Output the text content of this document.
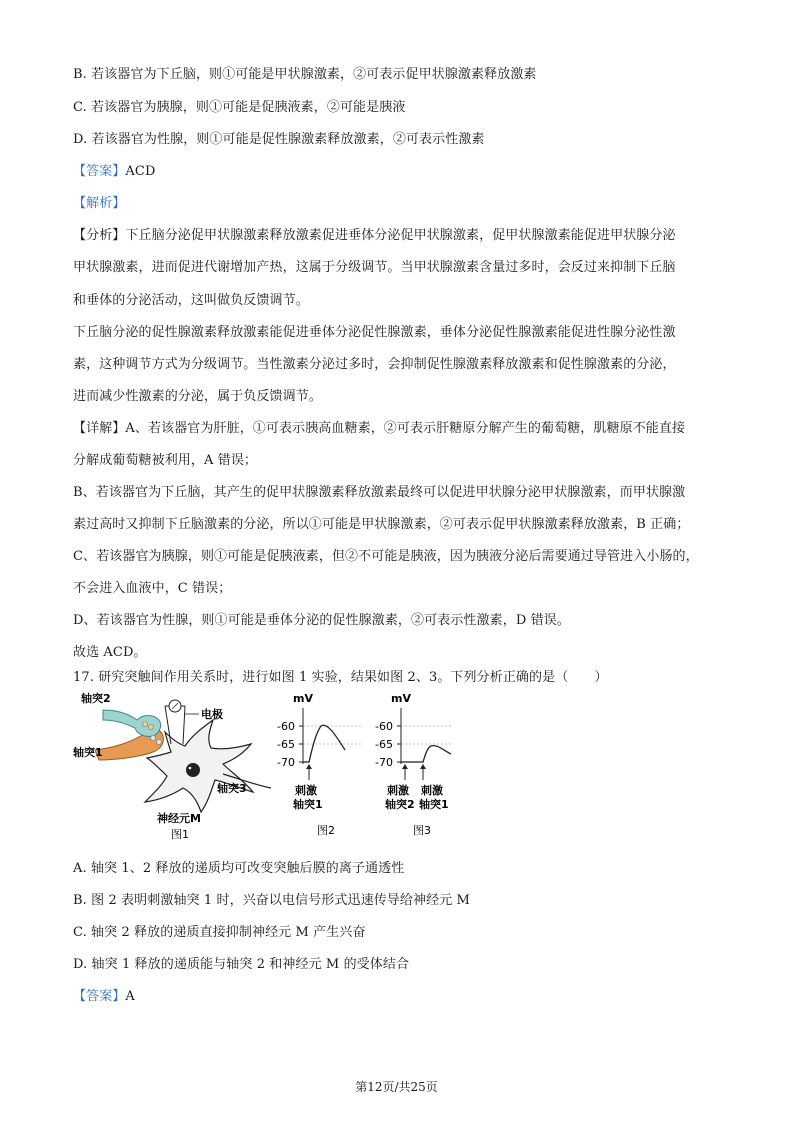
B. 若该器官为下丘脑，则①可能是甲状腺激素，②可表示促甲状腺激素释放激素
C. 若该器官为胰腺，则①可能是促胰液素，②可能是胰液
D. 若该器官为性腺，则①可能是促性腺激素释放激素，②可表示性激素
【答案】ACD
【解析】
【分析】下丘脑分泌促甲状腺激素释放激素促进垂体分泌促甲状腺激素，促甲状腺激素能促进甲状腺分泌
甲状腺激素，进而促进代谢增加产热，这属于分级调节。当甲状腺激素含量过多时，会反过来抑制下丘脑
和垂体的分泌活动，这叫做负反馈调节。
下丘脑分泌的促性腺激素释放激素能促进垂体分泌促性腺激素，垂体分泌促性腺激素能促进性腺分泌性激
素，这种调节方式为分级调节。当性激素分泌过多时，会抑制促性腺激素释放激素和促性腺激素的分泌，
进而减少性激素的分泌，属于负反馈调节。
【详解】A、若该器官为肝脏，①可表示胰高血糖素，②可表示肝糖原分解产生的葡萄糖，肌糖原不能直接
分解成葡萄糖被利用，A 错误；
B、若该器官为下丘脑，其产生的促甲状腺激素释放激素最终可以促进甲状腺分泌甲状腺激素，而甲状腺激
素过高时又抑制下丘脑激素的分泌，所以①可能是甲状腺激素，②可表示促甲状腺激素释放激素，B 正确；
C、若该器官为胰腺，则①可能是促胰液素，但②不可能是胰液，因为胰液分泌后需要通过导管进入小肠的，
不会进入血液中，C 错误；
D、若该器官为性腺，则①可能是垂体分泌的促性腺激素，②可表示性激素，D 错误。
故选 ACD。
17. 研究突触间作用关系时，进行如图 1 实验，结果如图 2、3。下列分析正确的是（　　）
轴突2
轴突1
电极
轴突3
神经元M
图1
mV
-60
-65
-70
刺激
轴突1
图2
mV
-60
-65
-70
刺激
轴突2
刺激
轴突1
图3
A. 轴突 1、2 释放的递质均可改变突触后膜的离子通透性
B. 图 2 表明刺激轴突 1 时，兴奋以电信号形式迅速传导给神经元 M
C. 轴突 2 释放的递质直接抑制神经元 M 产生兴奋
D. 轴突 1 释放的递质能与轴突 2 和神经元 M 的受体结合
【答案】A
第12页/共25页
